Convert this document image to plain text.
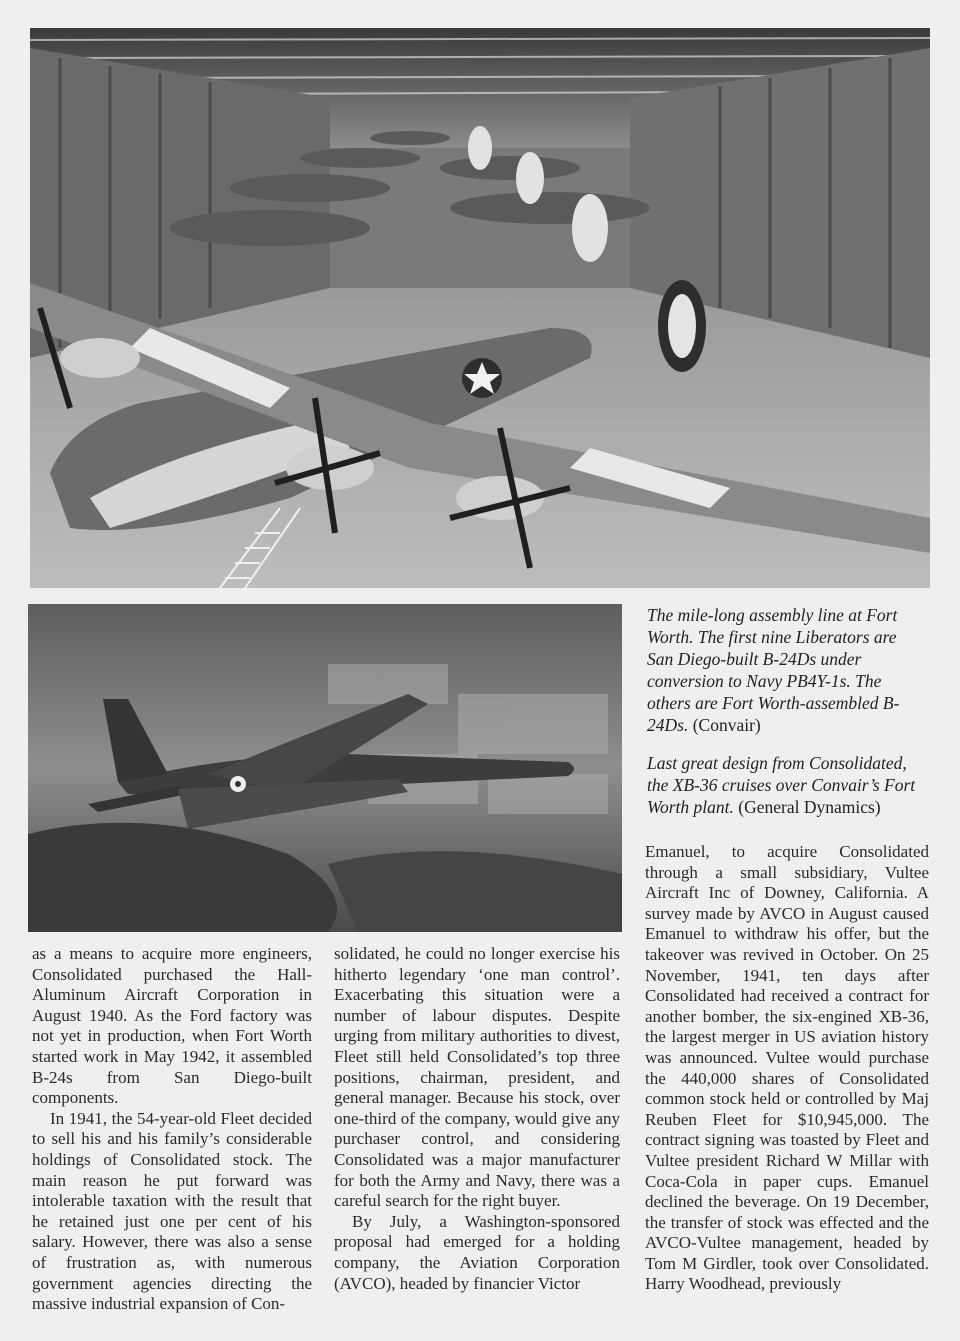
The mile-long assembly line at Fort Worth. The first nine Liberators are San Diego-built B-24Ds under conversion to Navy PB4Y-1s. The others are Fort Worth-assembled B-24Ds. (Convair)
Last great design from Consolidated, the XB-36 cruises over Convair’s Fort Worth plant. (General Dynamics)

as a means to acquire more engineers, Consolidated purchased the Hall-Aluminum Aircraft Corporation in August 1940. As the Ford factory was not yet in production, when Fort Worth started work in May 1942, it assembled B-24s from San Diego-built components.

In 1941, the 54-year-old Fleet decided to sell his and his family’s considerable holdings of Consolidated stock. The main reason he put forward was intolerable taxation with the result that he retained just one per cent of his salary. However, there was also a sense of frustration as, with numerous government agencies directing the massive industrial expansion of Con-

solidated, he could no longer exercise his hitherto legendary ‘one man control’. Exacerbating this situation were a number of labour disputes. Despite urging from military authorities to divest, Fleet still held Consolidated’s top three positions, chairman, president, and general manager. Because his stock, over one-third of the company, would give any purchaser control, and considering Consolidated was a major manufacturer for both the Army and Navy, there was a careful search for the right buyer.

By July, a Washington-sponsored proposal had emerged for a holding company, the Aviation Corporation (AVCO), headed by financier Victor

Emanuel, to acquire Consolidated through a small subsidiary, Vultee Aircraft Inc of Downey, California. A survey made by AVCO in August caused Emanuel to withdraw his offer, but the takeover was revived in October. On 25 November, 1941, ten days after Consolidated had received a contract for another bomber, the six-engined XB-36, the largest merger in US aviation history was announced. Vultee would purchase the 440,000 shares of Consolidated common stock held or controlled by Maj Reuben Fleet for $10,945,000. The contract signing was toasted by Fleet and Vultee president Richard W Millar with Coca-Cola in paper cups. Emanuel declined the beverage. On 19 December, the transfer of stock was effected and the AVCO-Vultee management, headed by Tom M Girdler, took over Consolidated. Harry Woodhead, previously
